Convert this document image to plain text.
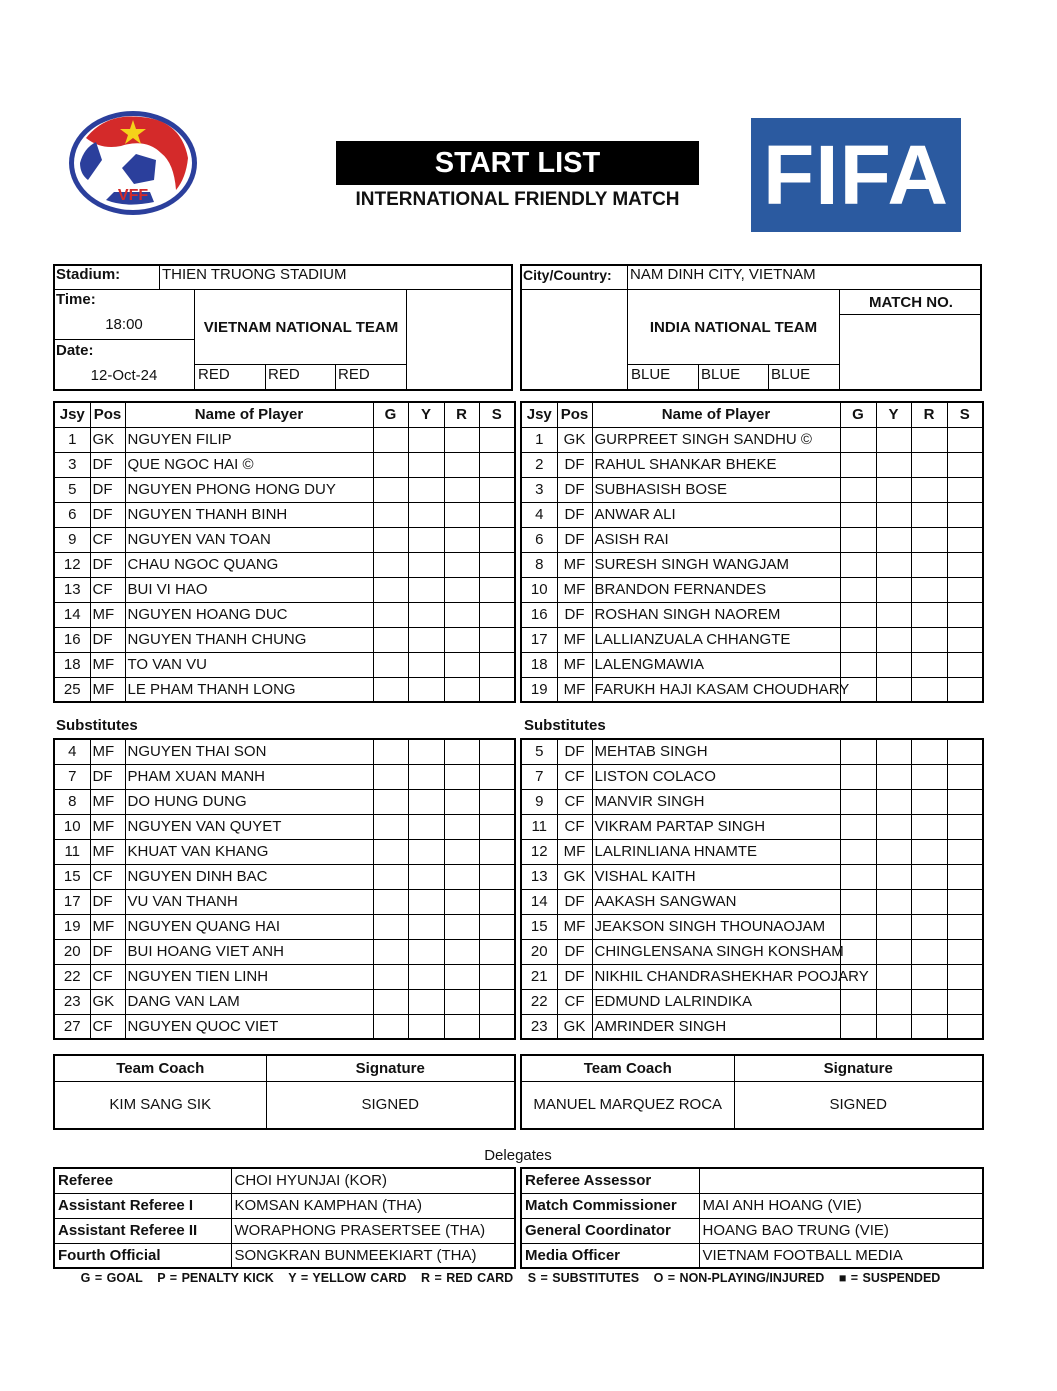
VFF
START LIST
INTERNATIONAL FRIENDLY MATCH FIFA
Stadium:	THIEN TRUONG STADIUM
Time:
18:00
Date:
12-Oct-24
VIETNAM NATIONAL TEAM
RED	RED	RED
City/Country:	NAM DINH CITY, VIETNAM
INDIA NATIONAL TEAM
BLUE	BLUE	BLUE
MATCH NO.
Jsy	Pos	Name of Player	G	Y	R	S
1	GK	NGUYEN FILIP				
3	DF	QUE NGOC HAI ©				
5	DF	NGUYEN PHONG HONG DUY				
6	DF	NGUYEN THANH BINH				
9	CF	NGUYEN VAN TOAN				
12	DF	CHAU NGOC QUANG				
13	CF	BUI VI HAO				
14	MF	NGUYEN HOANG DUC				
16	DF	NGUYEN THANH CHUNG				
18	MF	TO VAN VU				
25	MF	LE PHAM THANH LONG				
Jsy	Pos	Name of Player	G	Y	R	S
1	GK	GURPREET SINGH SANDHU ©				
2	DF	RAHUL SHANKAR BHEKE				
3	DF	SUBHASISH BOSE				
4	DF	ANWAR ALI				
6	DF	ASISH RAI				
8	MF	SURESH SINGH WANGJAM				
10	MF	BRANDON FERNANDES				
16	DF	ROSHAN SINGH NAOREM				
17	MF	LALLIANZUALA CHHANGTE				
18	MF	LALENGMAWIA				
19	MF	FARUKH HAJI KASAM CHOUDHARY				
Substitutes	Substitutes
4	MF	NGUYEN THAI SON				
7	DF	PHAM XUAN MANH				
8	MF	DO HUNG DUNG				
10	MF	NGUYEN VAN QUYET				
11	MF	KHUAT VAN KHANG				
15	CF	NGUYEN DINH BAC				
17	DF	VU VAN THANH				
19	MF	NGUYEN QUANG HAI				
20	DF	BUI HOANG VIET ANH				
22	CF	NGUYEN TIEN LINH				
23	GK	DANG VAN LAM				
27	CF	NGUYEN QUOC VIET				
5	DF	MEHTAB SINGH				
7	CF	LISTON COLACO				
9	CF	MANVIR SINGH				
11	CF	VIKRAM PARTAP SINGH				
12	MF	LALRINLIANA HNAMTE				
13	GK	VISHAL KAITH				
14	DF	AAKASH SANGWAN				
15	MF	JEAKSON SINGH THOUNAOJAM				
20	DF	CHINGLENSANA SINGH KONSHAM				
21	DF	NIKHIL CHANDRASHEKHAR POOJARY				
22	CF	EDMUND LALRINDIKA				
23	GK	AMRINDER SINGH				
Team Coach	Signature
KIM SANG SIK	SIGNED
Team Coach	Signature
MANUEL MARQUEZ ROCA	SIGNED
Delegates
Referee	CHOI HYUNJAI (KOR)
Assistant Referee I	KOMSAN KAMPHAN (THA)
Assistant Referee II	WORAPHONG PRASERTSEE (THA)
Fourth Official	SONGKRAN BUNMEEKIART (THA)
Referee Assessor	
Match Commissioner	MAI ANH HOANG (VIE)
General Coordinator	HOANG BAO TRUNG (VIE)
Media Officer	VIETNAM FOOTBALL MEDIA
G = GOAL P = PENALTY KICK Y = YELLOW CARD R = RED CARD S = SUBSTITUTES O = NON-PLAYING/INJURED ■ = SUSPENDED
